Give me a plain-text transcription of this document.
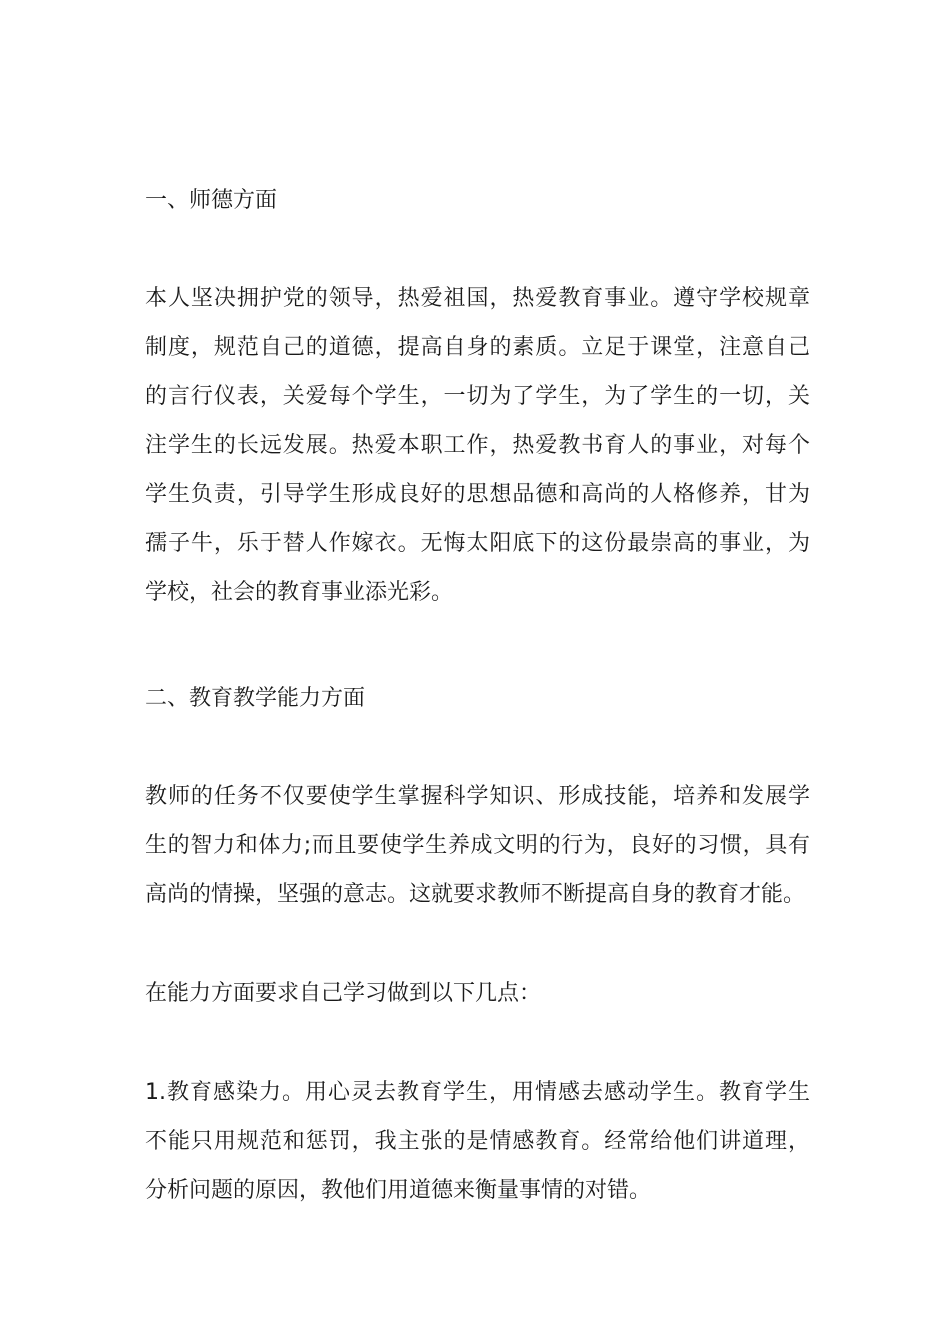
一、师德方面
本人坚决拥护党的领导，热爱祖国，热爱教育事业。遵守学校规章
制度，规范自己的道德，提高自身的素质。立足于课堂，注意自己
的言行仪表，关爱每个学生，一切为了学生，为了学生的一切，关
注学生的长远发展。热爱本职工作，热爱教书育人的事业，对每个
学生负责，引导学生形成良好的思想品德和高尚的人格修养，甘为
孺子牛，乐于替人作嫁衣。无悔太阳底下的这份最崇高的事业，为
学校，社会的教育事业添光彩。
二、教育教学能力方面
教师的任务不仅要使学生掌握科学知识、形成技能，培养和发展学
生的智力和体力;而且要使学生养成文明的行为，良好的习惯，具有
高尚的情操，坚强的意志。这就要求教师不断提高自身的教育才能。
在能力方面要求自己学习做到以下几点：
1.教育感染力。用心灵去教育学生，用情感去感动学生。教育学生
不能只用规范和惩罚，我主张的是情感教育。经常给他们讲道理，
分析问题的原因，教他们用道德来衡量事情的对错。
